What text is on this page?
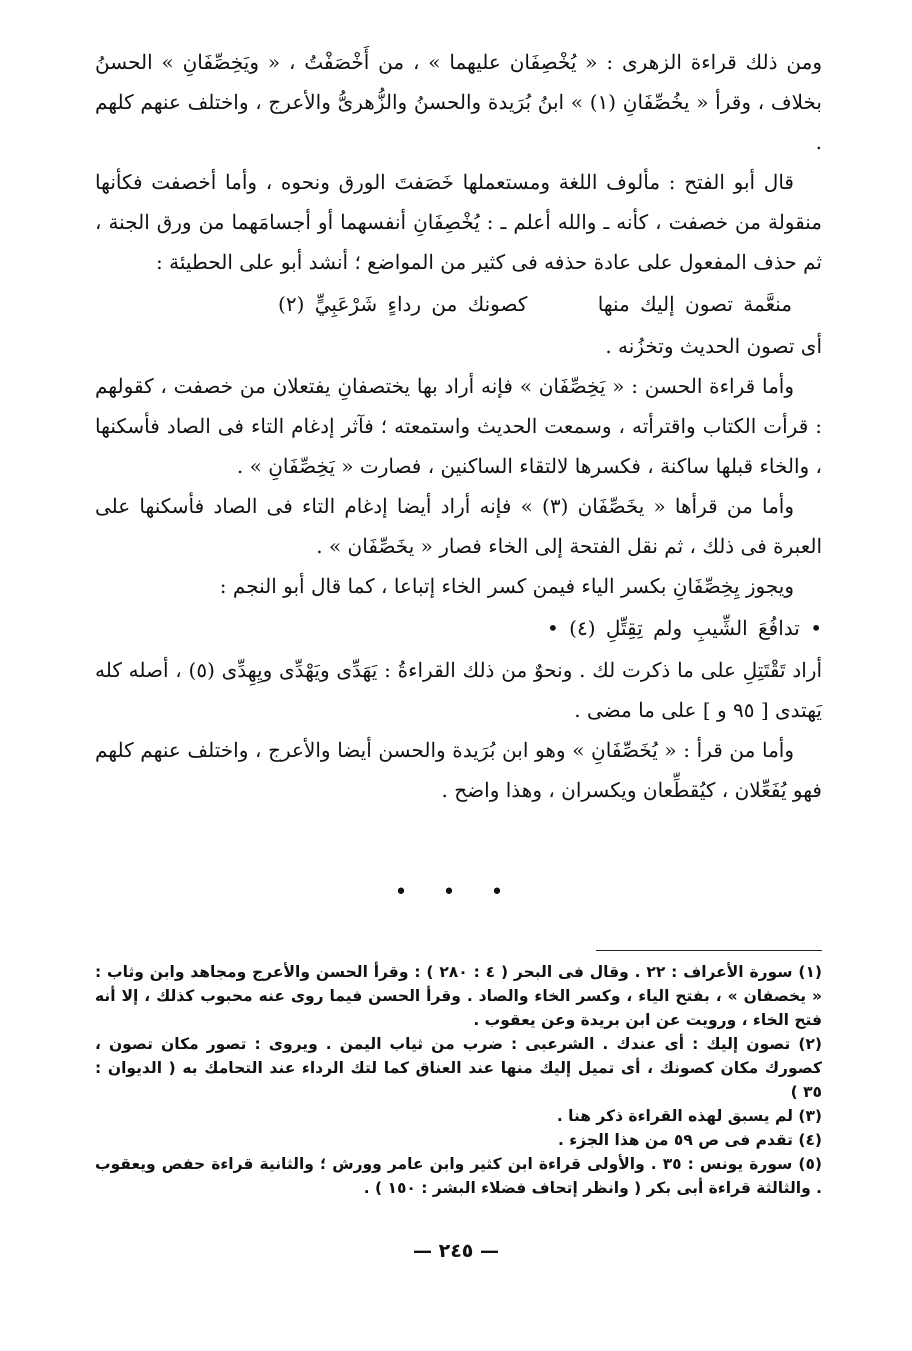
ومن ذلك قراءة الزهرى : « يُخْصِفَان عليهما » ، من أَخْصَفْتُ ، « ويَخِصِّفَانِ » الحسنُ بخلاف ، وقرأ « يخُصِّفَانِ (١) » ابنُ بُرَيدة والحسنُ والزُّهرىُّ والأعرج ، واختلف عنهم كلهم .

قال أبو الفتح : مألوف اللغة ومستعملها خَصَفتَ الورق ونحوه ، وأما أخصفت فكأنها منقولة من خصفت ، كأنه ـ والله أعلم ـ : يُخْصِفَانِ أنفسهما أو أجسامَهما من ورق الجنة ، ثم حذف المفعول على عادة حذفه فى كثير من المواضع ؛ أنشد أبو على الحطيئة :

منعَّمة تصون إليك منها كصونك من رداءٍ شَرْعَبِيٍّ (٢)

أى تصون الحديث وتخزُنه .

وأما قراءة الحسن : « يَخِصِّفَان » فإنه أراد بها يختصفانِ يفتعلان من خصفت ، كقولهم : قرأت الكتاب واقترأته ، وسمعت الحديث واستمعته ؛ فآثر إدغام التاء فى الصاد فأسكنها ، والخاء قبلها ساكنة ، فكسرها لالتقاء الساكنين ، فصارت « يَخِصِّفَانِ » .

وأما من قرأها « يخَصِّفَان (٣) » فإنه أراد أيضا إدغام التاء فى الصاد فأسكنها على العبرة فى ذلك ، ثم نقل الفتحة إلى الخاء فصار « يخَصِّفَان » .

ويجوز يِخِصِّفَانِ بكسر الياء فيمن كسر الخاء إتباعا ، كما قال أبو النجم :

• تدافُعَ الشِّيبِ ولم تِقِتِّلِ (٤) •

أراد تَقْتَتِلِ على ما ذكرت لك . ونحوٌ من ذلك القراءةُ : يَهَدِّى ويَهْدِّى ويِهِدِّى (٥) ، أصله كله يَهتدى [ ٩٥ و ] على ما مضى .

وأما من قرأ : « يُخَصِّفَانِ » وهو ابن بُرَيدة والحسن أيضا والأعرج ، واختلف عنهم كلهم فهو يُفَعِّلان ، كيُقطِّعان ويكسران ، وهذا واضح .

• • •

(١) سورة الأعراف : ٢٢ . وقال فى البحر ( ٤ : ٢٨٠ ) : وقرأ الحسن والأعرج ومجاهد وابن وثاب : « يخصفان » ، بفتح الياء ، وكسر الخاء والصاد . وقرأ الحسن فيما روى عنه محبوب كذلك ، إلا أنه فتح الخاء ، ورويت عن ابن بريدة وعن يعقوب .

(٢) تصون إليك : أى عندك . الشرعبى : ضرب من ثياب اليمن . ويروى : تصور مكان تصون ، كصورك مكان كصونك ، أى تميل إليك منها عند العناق كما لتك الرداء عند التحامك به ( الديوان : ٣٥ )

(٣) لم يسبق لهذه القراءة ذكر هنا .

(٤) تقدم فى ص ٥٩ من هذا الجزء .

(٥) سورة يونس : ٣٥ . والأولى قراءة ابن كثير وابن عامر وورش ؛ والثانية قراءة حفص ويعقوب . والثالثة قراءة أبى بكر ( وانظر إتحاف فضلاء البشر : ١٥٠ ) .

— ٢٤٥ —
